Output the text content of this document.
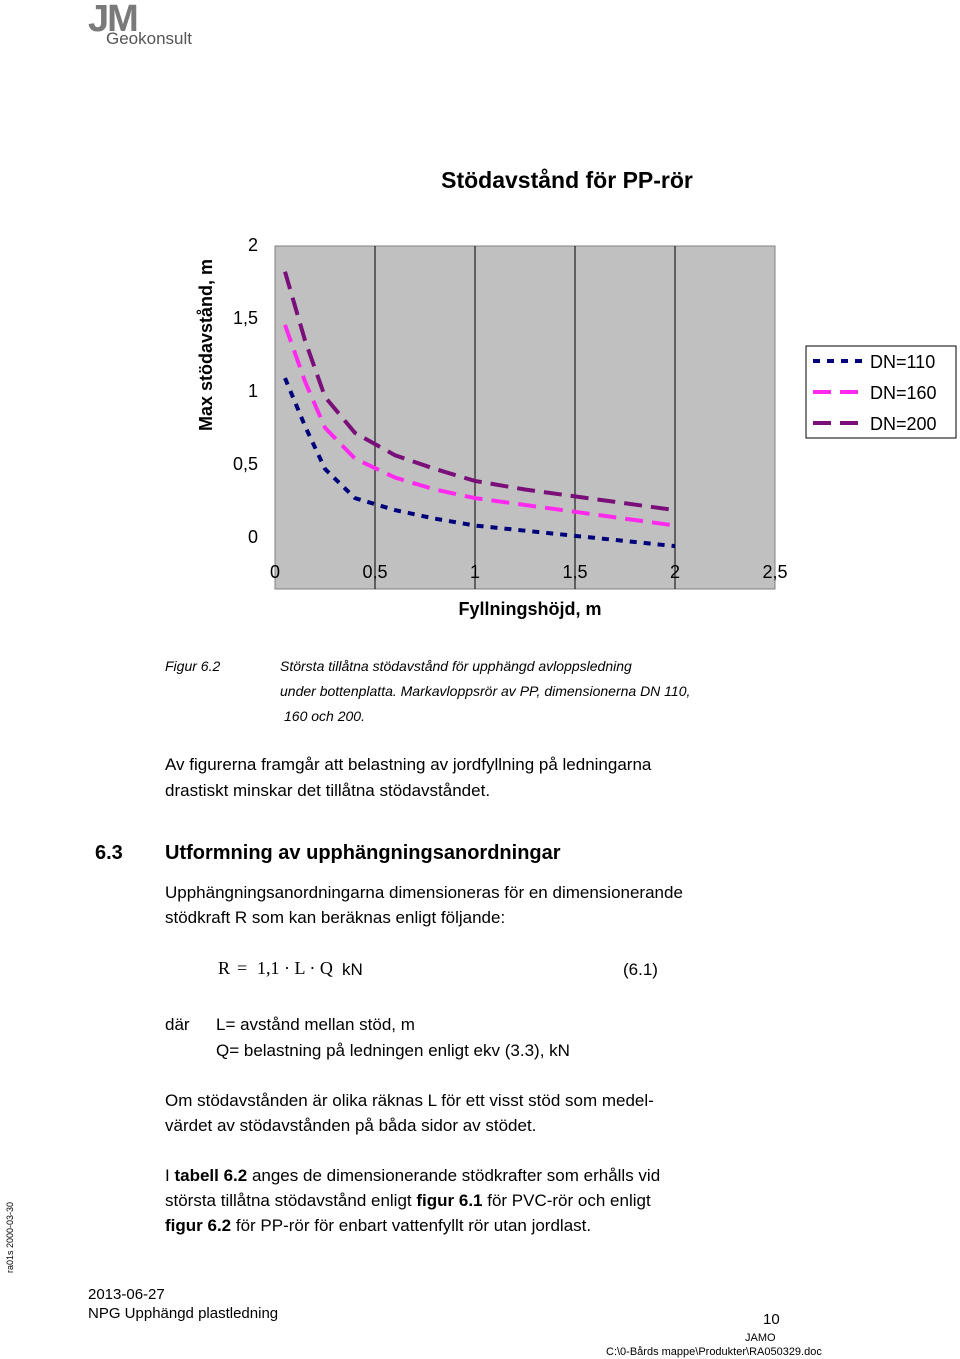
JM
Geokonsult
ra01s 2000-03-30
Stödavstånd för PP-rör
0
0,5
1
1,5
2
0	0,5	1	1,5	2	2,5
Fyllningshöjd, m
Max stödavstånd, m	DN=110
DN=160
DN=200
Figur 6.2	Största tillåtna stödavstånd för upphängd avloppsledning
under bottenplatta. Markavloppsrör av PP, dimensionerna DN 110,
160 och 200.
Av figurerna framgår att belastning av jordfyllning på ledningarna
drastiskt minskar det tillåtna stödavståndet.
6.3 Utformning av upphängningsanordningar
Upphängningsanordningarna dimensioneras för en dimensionerande
stödkraft R som kan beräknas enligt följande:
R = 1,1 · L · Q kN	(6.1)
där L= avstånd mellan stöd, m
Q= belastning på ledningen enligt ekv (3.3), kN
Om stödavstånden är olika räknas L för ett visst stöd som medel-
värdet av stödavstånden på båda sidor av stödet.
I tabell 6.2 anges de dimensionerande stödkrafter som erhålls vid
största tillåtna stödavstånd enligt figur 6.1 för PVC-rör och enligt
figur 6.2 för PP-rör för enbart vattenfyllt rör utan jordlast.
2013-06-27
NPG Upphängd plastledning	10
JAMO
C:\0-Bårds mappe\Produkter\RA050329.doc
